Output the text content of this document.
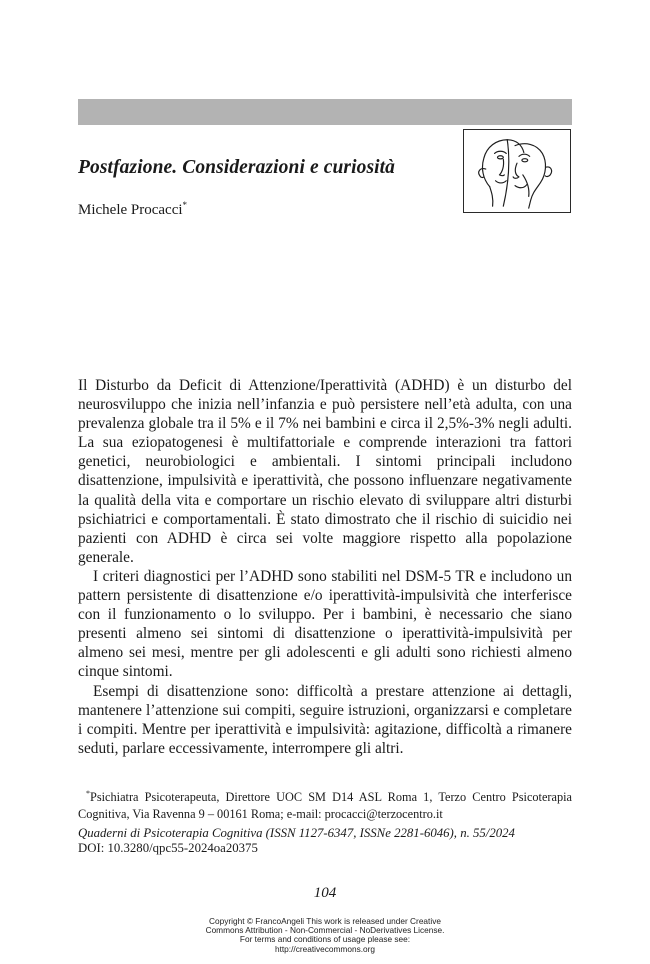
Postfazione. Considerazioni e curiosità
Michele Procacci*

Il Disturbo da Deficit di Attenzione/Iperattività (ADHD) è un disturbo del neurosviluppo che inizia nell’infanzia e può persistere nell’età adulta, con una prevalenza globale tra il 5% e il 7% nei bambini e circa il 2,5%-3% negli adulti. La sua eziopatogenesi è multifattoriale e comprende interazioni tra fattori genetici, neurobiologici e ambientali. I sintomi principali includono disattenzione, impulsività e iperattività, che possono influenzare negativamente la qualità della vita e comportare un rischio elevato di sviluppare altri disturbi psichiatrici e comportamentali. È stato dimostrato che il rischio di suicidio nei pazienti con ADHD è circa sei volte maggiore rispetto alla popolazione generale.

I criteri diagnostici per l’ADHD sono stabiliti nel DSM-5 TR e includono un pattern persistente di disattenzione e/o iperattività-impulsività che interferisce con il funzionamento o lo sviluppo. Per i bambini, è necessario che siano presenti almeno sei sintomi di disattenzione o iperattività-impulsività per almeno sei mesi, mentre per gli adolescenti e gli adulti sono richiesti almeno cinque sintomi.

Esempi di disattenzione sono: difficoltà a prestare attenzione ai dettagli, mantenere l’attenzione sui compiti, seguire istruzioni, organizzarsi e completare i compiti. Mentre per iperattività e impulsività: agitazione, difficoltà a rimanere seduti, parlare eccessivamente, interrompere gli altri.

*Psichiatra Psicoterapeuta, Direttore UOC SM D14 ASL Roma 1, Terzo Centro Psicoterapia Cognitiva, Via Ravenna 9 – 00161 Roma; e-mail: procacci@terzocentro.it
Quaderni di Psicoterapia Cognitiva (ISSN 1127-6347, ISSNe 2281-6046), n. 55/2024
DOI: 10.3280/qpc55-2024oa20375
104
Copyright © FrancoAngeli This work is released under Creative
Commons Attribution - Non-Commercial - NoDerivatives License.
For terms and conditions of usage please see:
http://creativecommons.org
